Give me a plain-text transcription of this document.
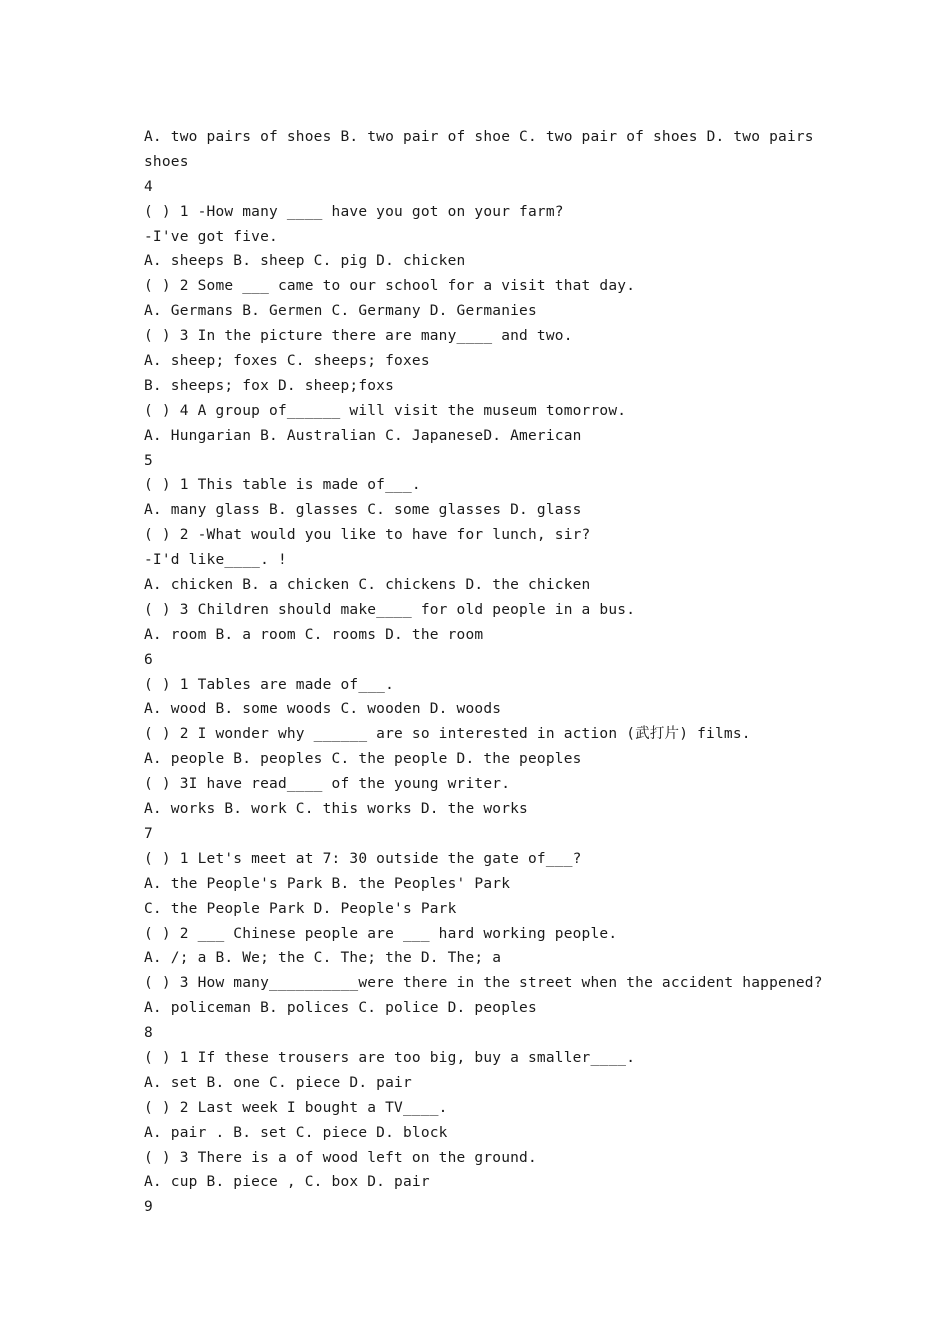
A. two pairs of shoes B. two pair of shoe C. two pair of shoes D. two pairs
shoes
4
( ) 1 -How many ____ have you got on your farm?
-I've got five.
A. sheeps B. sheep C. pig D. chicken
( ) 2 Some ___ came to our school for a visit that day.
A. Germans B. Germen C. Germany D. Germanies
( ) 3 In the picture there are many____ and two.
A. sheep; foxes C. sheeps; foxes
B. sheeps; fox D. sheep;foxs
( ) 4 A group of______ will visit the museum tomorrow.
A. Hungarian B. Australian C. JapaneseD. American
5
( ) 1 This table is made of___.
A. many glass B. glasses C. some glasses D. glass
( ) 2 -What would you like to have for lunch, sir?
-I'd like____. !
A. chicken B. a chicken C. chickens D. the chicken
( ) 3 Children should make____ for old people in a bus.
A. room B. a room C. rooms D. the room
6
( ) 1 Tables are made of___.
A. wood B. some woods C. wooden D. woods
( ) 2 I wonder why ______ are so interested in action (武打片) films.
A. people B. peoples C. the people D. the peoples
( ) 3I have read____ of the young writer.
A. works B. work C. this works D. the works
7
( ) 1 Let's meet at 7: 30 outside the gate of___?
A. the People's Park B. the Peoples' Park
C. the People Park D. People's Park
( ) 2 ___ Chinese people are ___ hard working people.
A. /; a B. We; the C. The; the D. The; a
( ) 3 How many__________were there in the street when the accident happened?
A. policeman B. polices C. police D. peoples
8
( ) 1 If these trousers are too big, buy a smaller____.
A. set B. one C. piece D. pair
( ) 2 Last week I bought a TV____.
A. pair . B. set C. piece D. block
( ) 3 There is a of wood left on the ground.
A. cup B. piece , C. box D. pair
9
